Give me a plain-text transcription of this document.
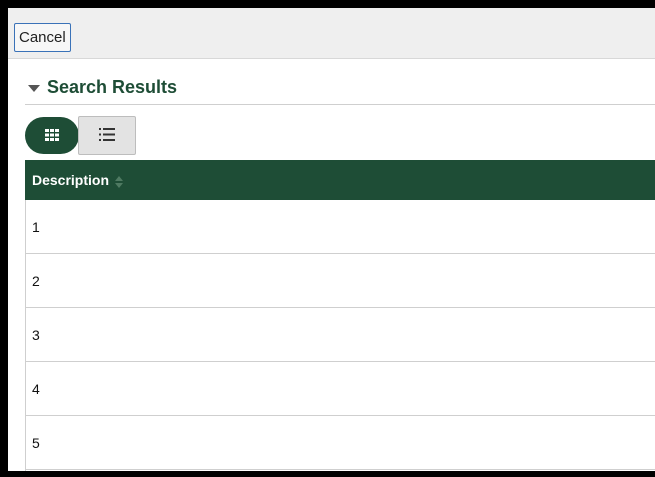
Cancel
Search Results
Description
1
2
3
4
5
